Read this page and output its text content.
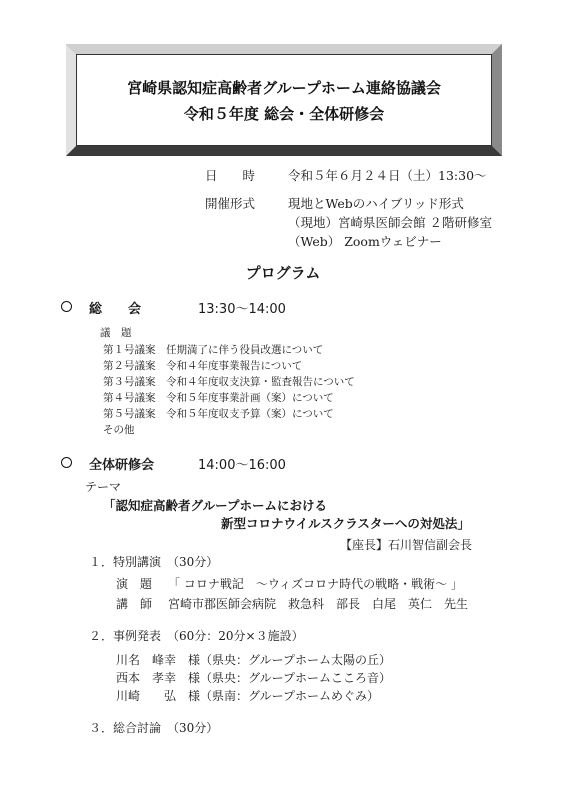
宮崎県認知症高齢者グループホーム連絡協議会
令和５年度 総会・全体研修会
日　　時	令和５年６月２４日（土）13:30～
開催形式	現地とWebのハイブリッド形式
（現地）宮崎県医師会館 ２階研修室
（Web） Zoomウェビナー
プログラム
総　　会	13:30～14:00
議　題
第１号議案　任期満了に伴う役員改選について
第２号議案　令和４年度事業報告について
第３号議案　令和４年度収支決算・監査報告について
第４号議案　令和５年度事業計画（案）について
第５号議案　令和５年度収支予算（案）について
その他
全体研修会	14:00～16:00
テーマ
「認知症高齢者グループホームにおける
新型コロナウイルスクラスターへの対処法」
【座長】石川智信副会長
１．特別講演　（30分）
演　題 「 コロナ戦記　～ウィズコロナ時代の戦略・戦術～ 」
講　師 宮崎市郡医師会病院　救急科　部長　白尾　英仁　先生
２．事例発表　（60分：20分×３施設）
川名　峰幸　様（県央：グループホーム太陽の丘）
西本　孝幸　様（県央：グループホームこころ音）
川崎　　弘　様（県南：グループホームめぐみ）
３．総合討論　（30分）
